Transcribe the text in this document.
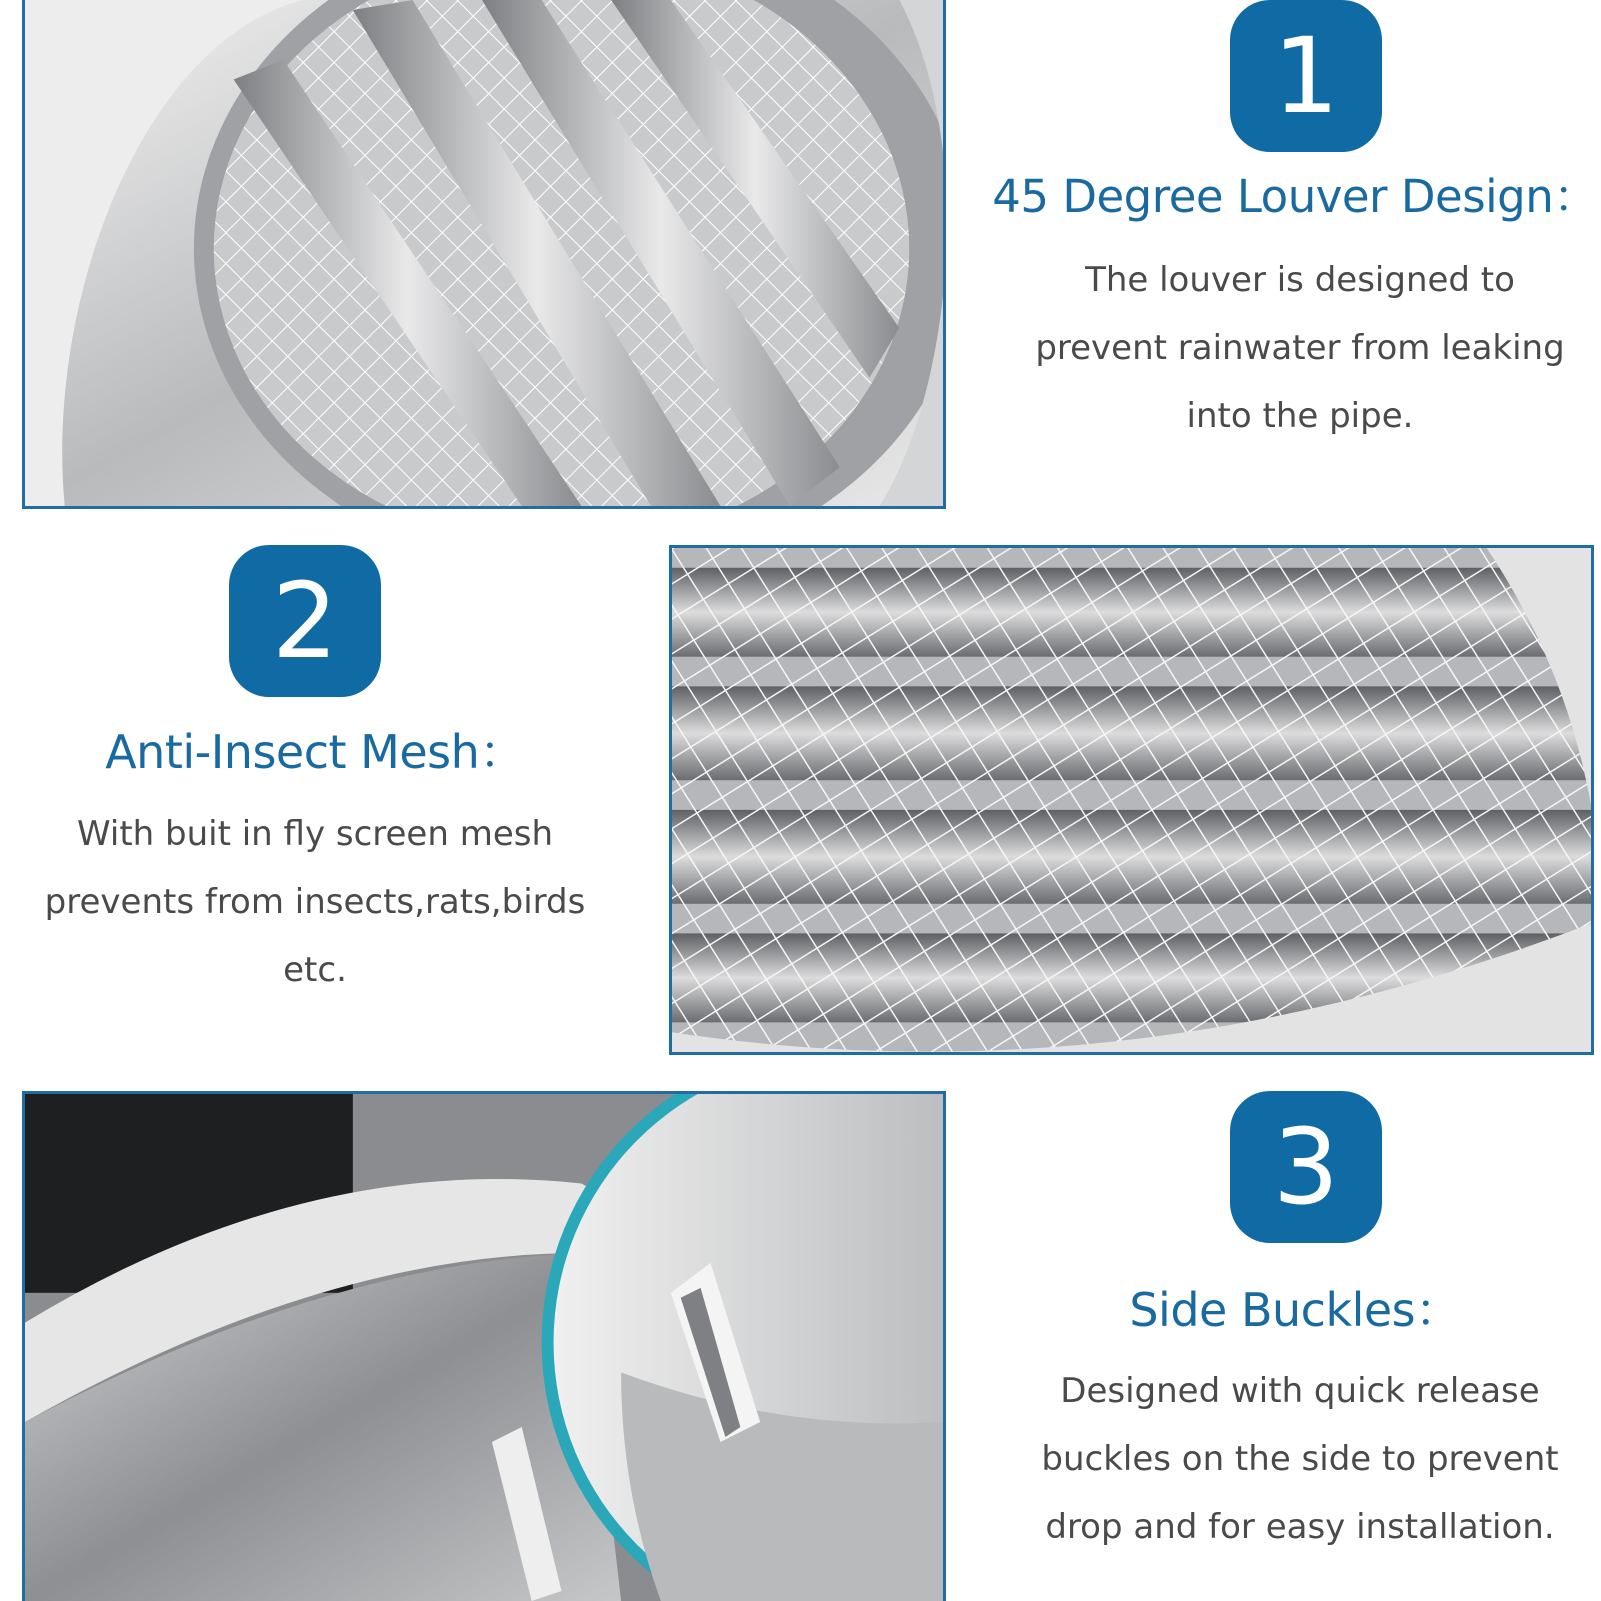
1
45 Degree Louver Design：
The louver is designed to
prevent rainwater from leaking
into the pipe.
2
Anti-Insect Mesh：
With buit in fly screen mesh
prevents from insects,rats,birds
etc.
3
Side Buckles：
Designed with quick release
buckles on the side to prevent
drop and for easy installation.
